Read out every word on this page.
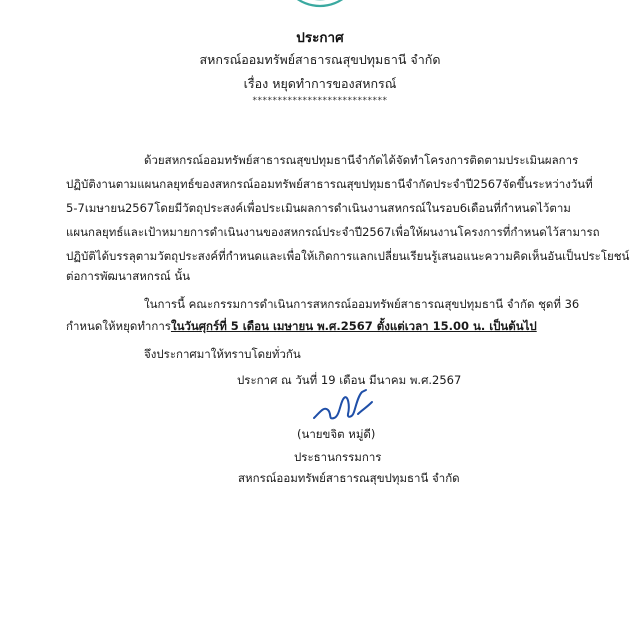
ประกาศ
สหกรณ์ออมทรัพย์สาธารณสุขปทุมธานี จำกัด
เรื่อง หยุดทำการของสหกรณ์
***************************
ด้วย สหกรณ์ออมทรัพย์สาธารณสุขปทุมธานี จำกัด ได้จัดทำโครงการติดตามประเมินผลการ
ปฏิบัติงานตามแผนกลยุทธ์ ของสหกรณ์ออมทรัพย์สาธารณสุขปทุมธานี จำกัด ประจำปี 2567 จัดขึ้นระหว่างวันที่
5 - 7 เมษายน 2567 โดยมีวัตถุประสงค์เพื่อประเมินผลการดำเนินงานสหกรณ์ในรอบ 6 เดือน ที่กำหนดไว้ตาม
แผนกลยุทธ์ และเป้าหมายการดำเนินงานของสหกรณ์ประจำปี 2567 เพื่อให้ผนงาน โครงการที่กำหนดไว้ สามารถ
ปฏิบัติได้บรรลุตามวัตถุประสงค์ที่กำหนด และเพื่อให้เกิดการแลกเปลี่ยนเรียนรู้ เสนอแนะความคิดเห็นอันเป็นประโยชน์
ต่อการพัฒนาสหกรณ์ นั้น
ในการนี้ คณะกรรมการดำเนินการสหกรณ์ออมทรัพย์สาธารณสุขปทุมธานี จำกัด ชุดที่ 36
กำหนดให้หยุดทำการในวันศุกร์ที่ 5 เดือน เมษายน พ.ศ.2567 ตั้งแต่เวลา 15.00 น. เป็นต้นไป
จึงประกาศมาให้ทราบโดยทั่วกัน
ประกาศ ณ วันที่ 19 เดือน มีนาคม พ.ศ.2567
(นายขจิต หมู่ดี)
ประธานกรรมการ
สหกรณ์ออมทรัพย์สาธารณสุขปทุมธานี จำกัด
